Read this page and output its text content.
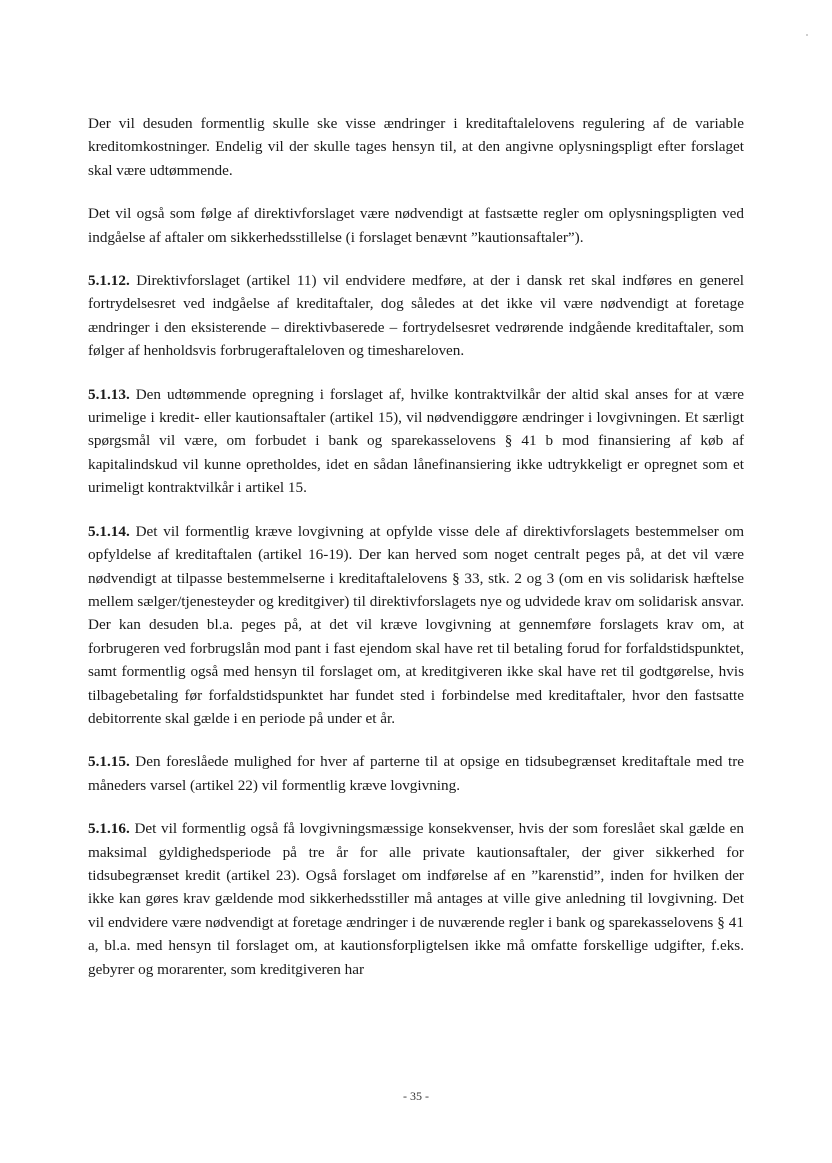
Der vil desuden formentlig skulle ske visse ændringer i kreditaftalelovens regulering af de variable kreditomkostninger. Endelig vil der skulle tages hensyn til, at den angivne oplysningspligt efter forslaget skal være udtømmende.

Det vil også som følge af direktivforslaget være nødvendigt at fastsætte regler om oplysningspligten ved indgåelse af aftaler om sikkerhedsstillelse (i forslaget benævnt ”kautionsaftaler”).

5.1.12. Direktivforslaget (artikel 11) vil endvidere medføre, at der i dansk ret skal indføres en generel fortrydelsesret ved indgåelse af kreditaftaler, dog således at det ikke vil være nødvendigt at foretage ændringer i den eksisterende – direktivbaserede – fortrydelsesret vedrørende indgående kreditaftaler, som følger af henholdsvis forbrugeraftaleloven og timeshareloven.

5.1.13. Den udtømmende opregning i forslaget af, hvilke kontraktvilkår der altid skal anses for at være urimelige i kredit- eller kautionsaftaler (artikel 15), vil nødvendiggøre ændringer i lovgivningen. Et særligt spørgsmål vil være, om forbudet i bank og sparekasselovens § 41 b mod finansiering af køb af kapitalindskud vil kunne opretholdes, idet en sådan lånefinansiering ikke udtrykkeligt er opregnet som et urimeligt kontraktvilkår i artikel 15.

5.1.14. Det vil formentlig kræve lovgivning at opfylde visse dele af direktivforslagets bestemmelser om opfyldelse af kreditaftalen (artikel 16-19). Der kan herved som noget centralt peges på, at det vil være nødvendigt at tilpasse bestemmelserne i kreditaftalelovens § 33, stk. 2 og 3 (om en vis solidarisk hæftelse mellem sælger/tjenesteyder og kreditgiver) til direktivforslagets nye og udvidede krav om solidarisk ansvar. Der kan desuden bl.a. peges på, at det vil kræve lovgivning at gennemføre forslagets krav om, at forbrugeren ved forbrugslån mod pant i fast ejendom skal have ret til betaling forud for forfaldstidspunktet, samt formentlig også med hensyn til forslaget om, at kreditgiveren ikke skal have ret til godtgørelse, hvis tilbagebetaling før forfaldstidspunktet har fundet sted i forbindelse med kreditaftaler, hvor den fastsatte debitorrente skal gælde i en periode på under et år.

5.1.15. Den foreslåede mulighed for hver af parterne til at opsige en tidsubegrænset kreditaftale med tre måneders varsel (artikel 22) vil formentlig kræve lovgivning.

5.1.16. Det vil formentlig også få lovgivningsmæssige konsekvenser, hvis der som foreslået skal gælde en maksimal gyldighedsperiode på tre år for alle private kautionsaftaler, der giver sikkerhed for tidsubegrænset kredit (artikel 23). Også forslaget om indførelse af en ”karenstid”, inden for hvilken der ikke kan gøres krav gældende mod sikkerhedsstiller må antages at ville give anledning til lovgivning. Det vil endvidere være nødvendigt at foretage ændringer i de nuværende regler i bank og sparekasselovens § 41 a, bl.a. med hensyn til forslaget om, at kautionsforpligtelsen ikke må omfatte forskellige udgifter, f.eks. gebyrer og morarenter, som kreditgiveren har

- 35 -
